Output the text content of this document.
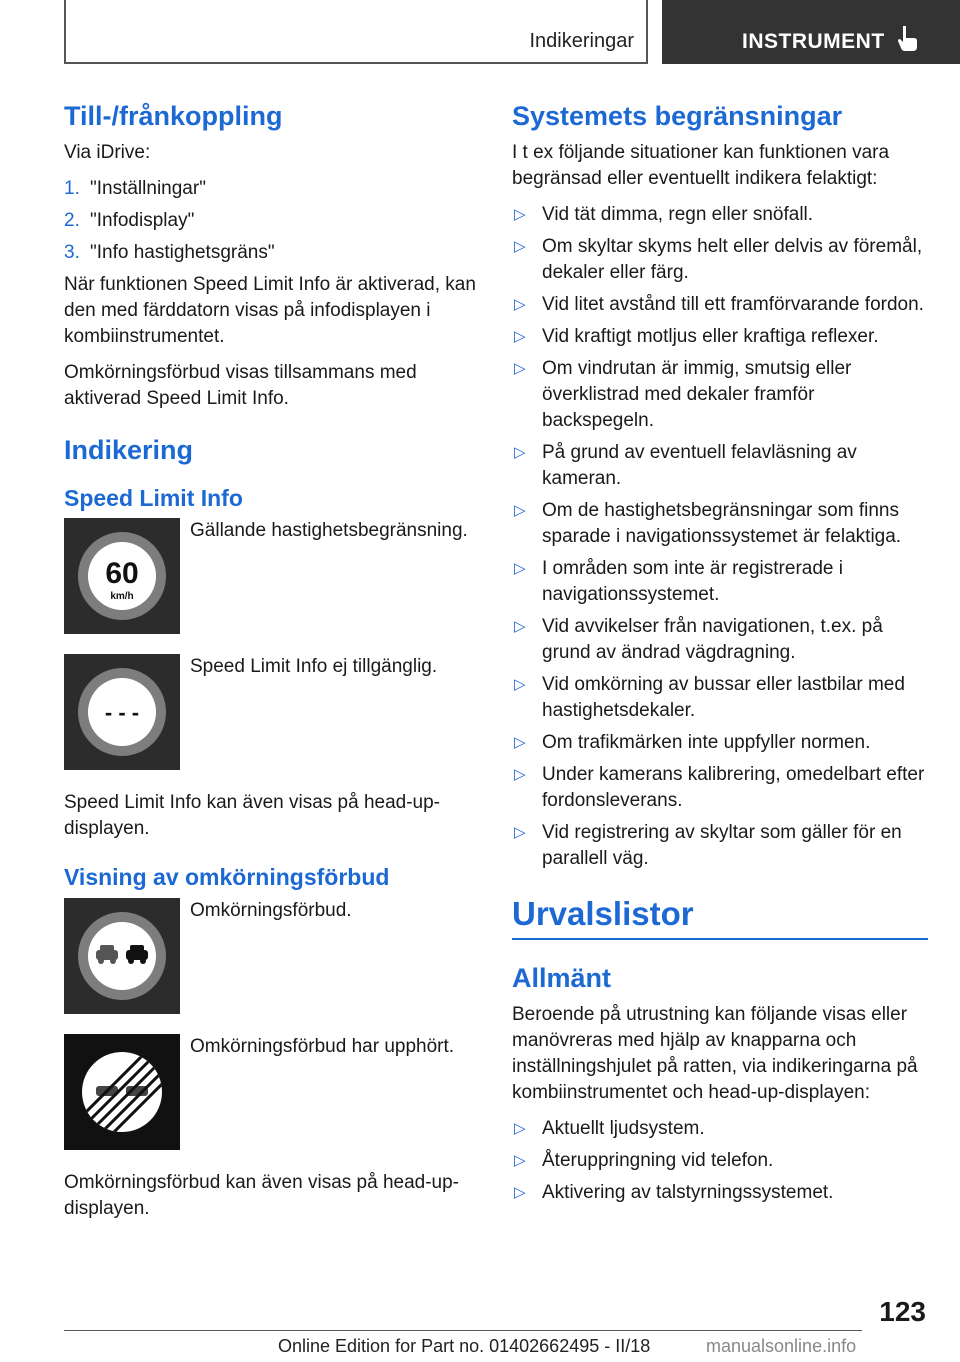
Indikeringar	INSTRUMENT
Till-/frånkoppling

Via iDrive:

1. "Inställningar"
2. "Infodisplay"
3. "Info hastighetsgräns"

När funktionen Speed Limit Info är aktiverad, kan den med färddatorn visas på infodisplayen i kombiinstrumentet.

Omkörningsförbud visas tillsammans med aktiverad Speed Limit Info.

Indikering
Speed Limit Info
60
km/h
Gällande hastighetsbegränsning.
- - -
Speed Limit Info ej tillgänglig.

Speed Limit Info kan även visas på head-up-displayen.

Visning av omkörningsförbud
Omkörningsförbud.
Omkörningsförbud har upphört.

Omkörningsförbud kan även visas på head-up-displayen.

Systemets begränsningar

I t ex följande situationer kan funktionen vara begränsad eller eventuellt indikera felaktigt:

▷ Vid tät dimma, regn eller snöfall.
▷ Om skyltar skyms helt eller delvis av föremål, dekaler eller färg.
▷ Vid litet avstånd till ett framförvarande fordon.
▷ Vid kraftigt motljus eller kraftiga reflexer.
▷ Om vindrutan är immig, smutsig eller överklistrad med dekaler framför backspegeln.
▷ På grund av eventuell felavläsning av kameran.
▷ Om de hastighetsbegränsningar som finns sparade i navigationssystemet är felaktiga.
▷ I områden som inte är registrerade i navigationssystemet.
▷ Vid avvikelser från navigationen, t.ex. på grund av ändrad vägdragning.
▷ Vid omkörning av bussar eller lastbilar med hastighetsdekaler.
▷ Om trafikmärken inte uppfyller normen.
▷ Under kamerans kalibrering, omedelbart efter fordonsleverans.
▷ Vid registrering av skyltar som gäller för en parallell väg.
Urvalslistor
Allmänt

Beroende på utrustning kan följande visas eller manövreras med hjälp av knapparna och inställningshjulet på ratten, via indikeringarna på kombiinstrumentet och head-up-displayen:

▷ Aktuellt ljudsystem.
▷ Återuppringning vid telefon.
▷ Aktivering av talstyrningssystemet.
123
Online Edition for Part no. 01402662495 - II/18	manualsonline.info
